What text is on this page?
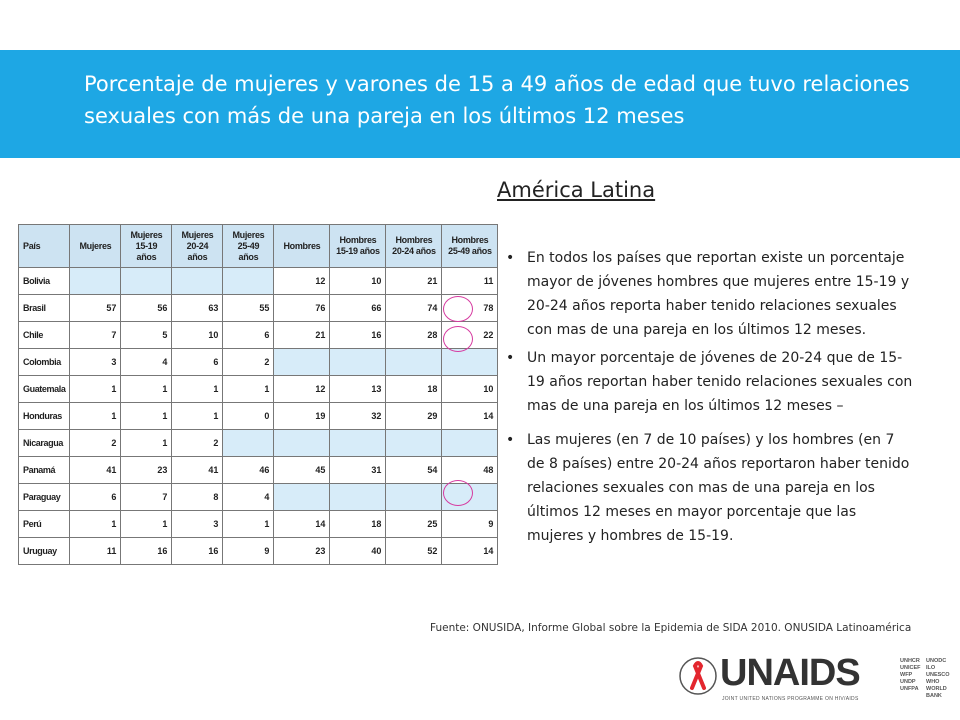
Porcentaje de mujeres y varones de 15 a 49 años de edad que tuvo relaciones sexuales con más de una pareja en los últimos 12 meses
América Latina
• En todos los países que reportan existe un porcentaje mayor de jóvenes hombres que mujeres entre 15-19 y 20-24 años reporta haber tenido relaciones sexuales con mas de una pareja en los últimos 12 meses.
• Un mayor porcentaje de jóvenes de 20-24 que de 15-19 años reportan haber tenido relaciones sexuales con mas de una pareja en los últimos 12 meses –
• Las mujeres (en 7 de 10 países) y los hombres (en 7 de 8 países) entre 20-24 años reportaron haber tenido relaciones sexuales con mas de una pareja en los últimos 12 meses en mayor porcentaje que las mujeres y hombres de 15-19.
País	Mujeres	Mujeres 15-19 años	Mujeres 20-24 años	Mujeres 25-49 años	Hombres	Hombres 15-19 años	Hombres 20-24 años	Hombres 25-49 años
Bolivia					12	10	21	11
Brasil	57	56	63	55	76	66	74	78
Chile	7	5	10	6	21	16	28	22
Colombia	3	4	6	2				
Guatemala	1	1	1	1	12	13	18	10
Honduras	1	1	1	0	19	32	29	14
Nicaragua	2	1	2					
Panamá	41	23	41	46	45	31	54	48
Paraguay	6	7	8	4				
Perú	1	1	3	1	14	18	25	9
Uruguay	11	16	16	9	23	40	52	14
Fuente: ONUSIDA, Informe Global sobre la Epidemia de SIDA 2010. ONUSIDA Latinoamérica
UNAIDS
JOINT UNITED NATIONS PROGRAMME ON HIV/AIDS
UNHCR
UNICEF
WFP
UNDP
UNFPA
UNODC
ILO
UNESCO
WHO
WORLD BANK
